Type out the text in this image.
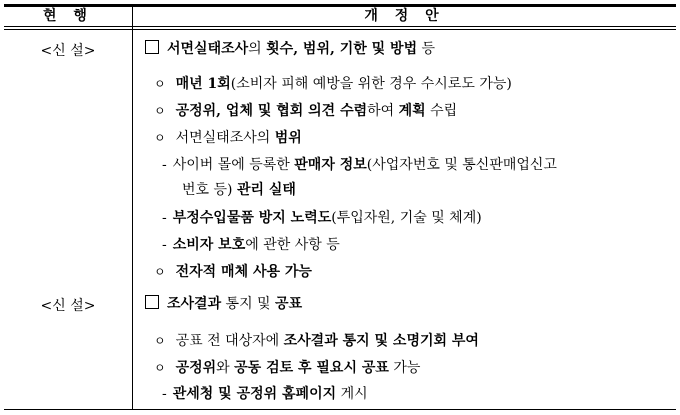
현 행	개 정 안
<신 설>	서면실태조사의 횟수, 범위, 기한 및 방법 등
ㅇ 매년 1회(소비자 피해 예방을 위한 경우 수시로도 가능)
ㅇ 공정위, 업체 및 협회 의견 수렴하여 계획 수립
ㅇ 서면실태조사의 범위
- 사이버 몰에 등록한 판매자 정보(사업자번호 및 통신판매업신고
번호 등) 관리 실태
- 부정수입물품 방지 노력도(투입자원, 기술 및 체계)
- 소비자 보호에 관한 사항 등
ㅇ 전자적 매체 사용 가능
<신 설>	조사결과 통지 및 공표
ㅇ 공표 전 대상자에 조사결과 통지 및 소명기회 부여
ㅇ 공정위와 공동 검토 후 필요시 공표 가능
- 관세청 및 공정위 홈페이지 게시
